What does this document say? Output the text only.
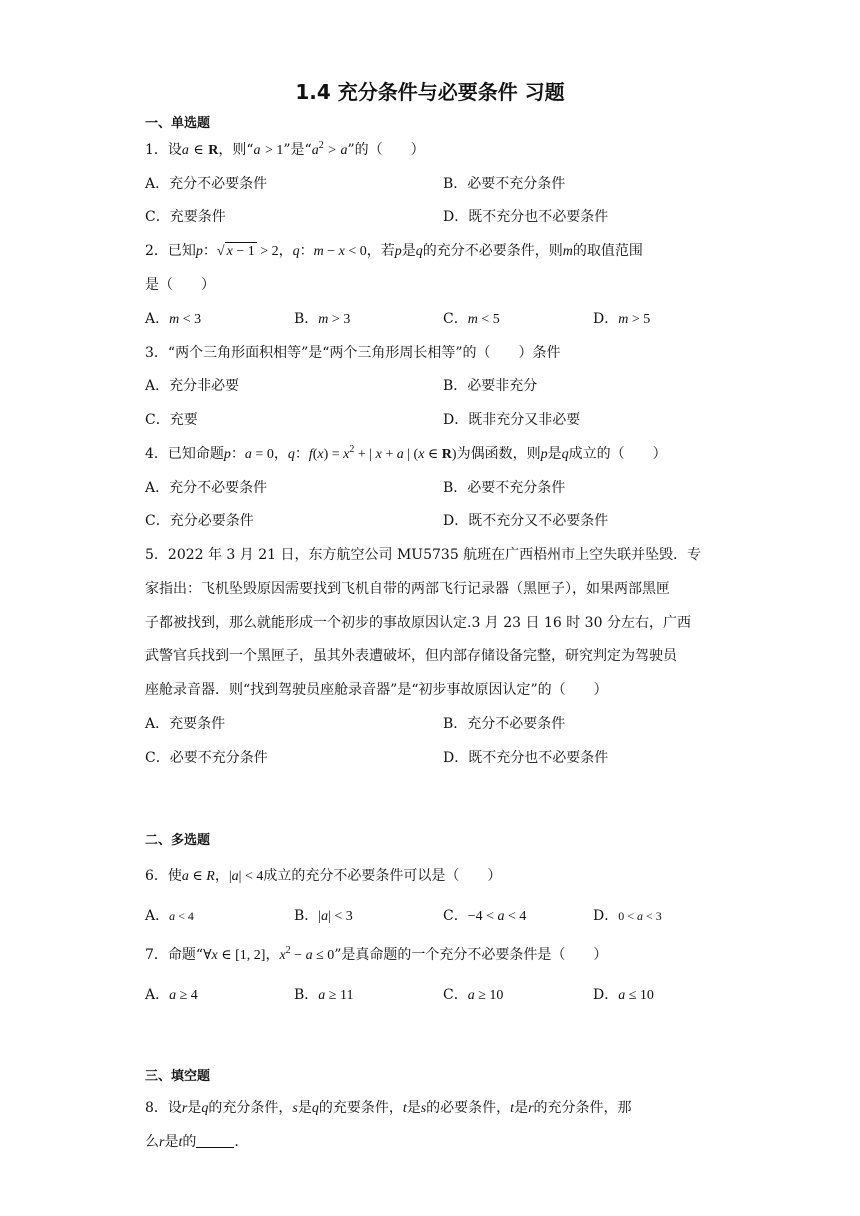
1.4 充分条件与必要条件 习题
一、单选题
1．设a ∈ R，则“a > 1”是“$a^2 > a$”的（　　）
A．充分不必要条件	B．必要不充分条件
C．充要条件	D．既不充分也不必要条件
2．已知p：√ x − 1 > 2，q：m − x < 0，若p是q的充分不必要条件，则m的取值范围
是（　　）
A．m < 3	B．m > 3	C．m < 5	D．m > 5
3．“两个三角形面积相等”是“两个三角形周长相等”的（　　）条件
A．充分非必要	B．必要非充分
C．充要	D．既非充分又非必要
4．已知命题p：a = 0，q：$f(x) = x^2$ + | x + a | (x ∈ R)为偶函数，则p是q成立的（　　）
A．充分不必要条件	B．必要不充分条件
C．充分必要条件	D．既不充分又不必要条件
5．2022 年 3 月 21 日，东方航空公司 MU5735 航班在广西梧州市上空失联并坠毁．专
家指出：飞机坠毁原因需要找到飞机自带的两部飞行记录器（黑匣子），如果两部黑匣
子都被找到，那么就能形成一个初步的事故原因认定.3 月 23 日 16 时 30 分左右，广西
武警官兵找到一个黑匣子，虽其外表遭破坏，但内部存储设备完整，研究判定为驾驶员
座舱录音器．则“找到驾驶员座舱录音器”是“初步事故原因认定”的（　　）
A．充要条件	B．充分不必要条件
C．必要不充分条件	D．既不充分也不必要条件
二、多选题
6．使a ∈ R，|a| < 4成立的充分不必要条件可以是（　　）
A．a < 4	B．|a| < 3	C．−4 < a < 4	D．0 < a < 3
7．命题“∀x ∈ [1, 2]，$x^2 - a \le 0$”是真命题的一个充分不必要条件是（　　）
A．a ≥ 4	B．a ≥ 11	C．a ≥ 10	D．a ≤ 10
三、填空题
8．设r是q的充分条件，s是q的充要条件，t是s的必要条件，t是r的充分条件，那
么r是t的	.
